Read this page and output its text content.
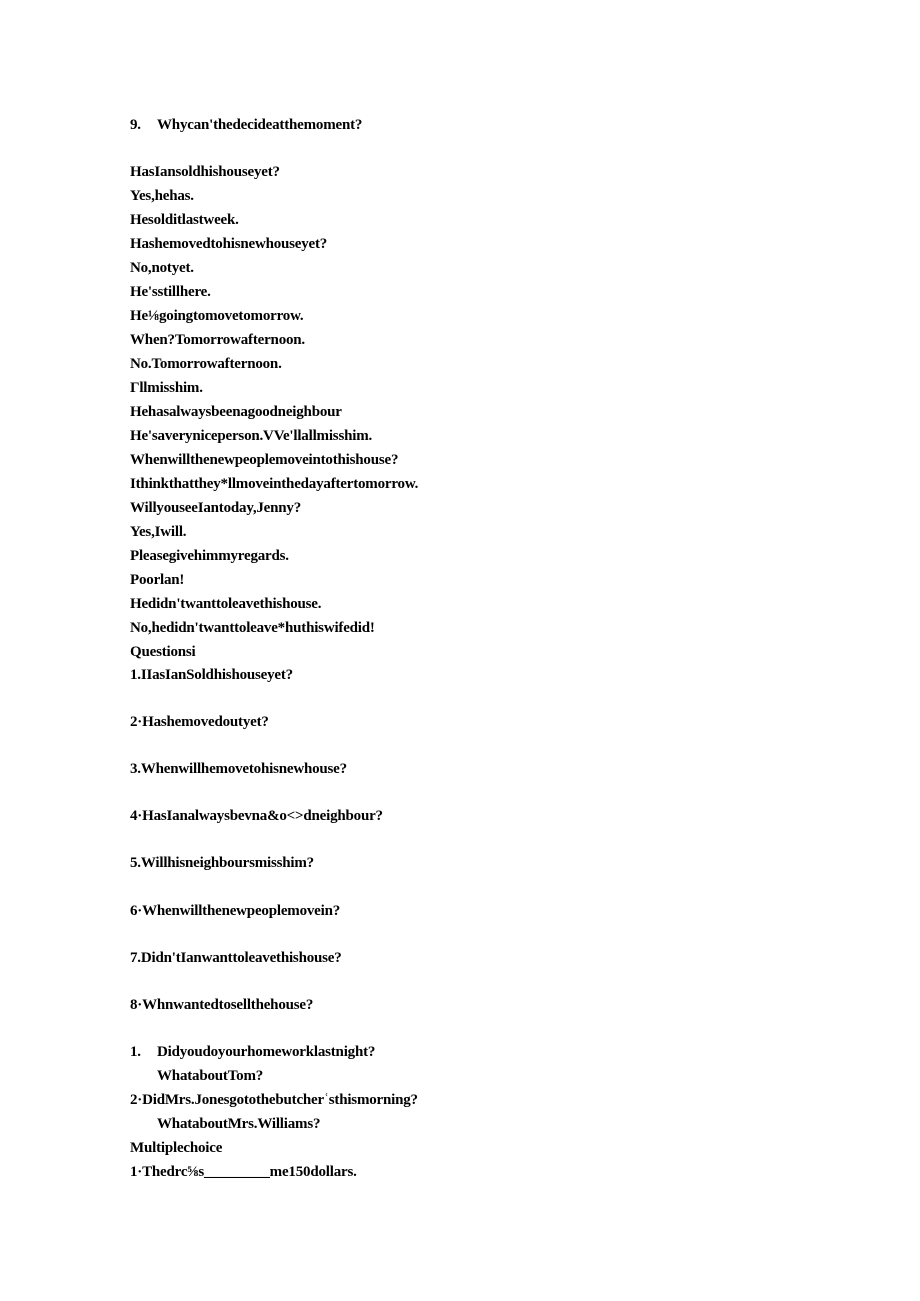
9. Whycan'thedecideatthemoment?
HasIansoldhishouseyet?
Yes,hehas.
Hesolditlastweek.
Hashemovedtohisnewhouseyet?
No,notyet.
He'sstillhere.
He⅛goingtomovetomorrow.
When?Tomorrowafternoon.
No.Tomorrowafternoon.
Γllmisshim.
Hehasalwaysbeenagoodneighbour
He'saveryniceperson.VVe'llallmisshim.
Whenwillthenewpeoplemoveintothishouse?
Ithinkthatthey*llmoveinthedayaftertomorrow.
WillyouseeIantoday,Jenny?
Yes,Iwill.
Pleasegivehimmyregards.
Poorlan!
Hedidn'twanttoleavethishouse.
No,hedidn'twanttoleave*huthiswifedid!
Questionsi
1.IIasIanSoldhishouseyet?
2·Hashemovedoutyet?
3.Whenwillhemovetohisnewhouse?
4·HasIanalwaysbevna&o<>dneighbour?
5.Willhisneighboursmisshim?
6·Whenwillthenewpeoplemovein?
7.Didn'tIanwanttoleavethishouse?
8·Whnwantedtosellthehouse?
1. Didyoudoyourhomeworklastnight?
WhataboutTom?
2·DidMrs.Jonesgotothebutcherʿsthismorning?
WhataboutMrs.Williams?
Multiplechoice
1·Thedrc⅝s_________me150dollars.
